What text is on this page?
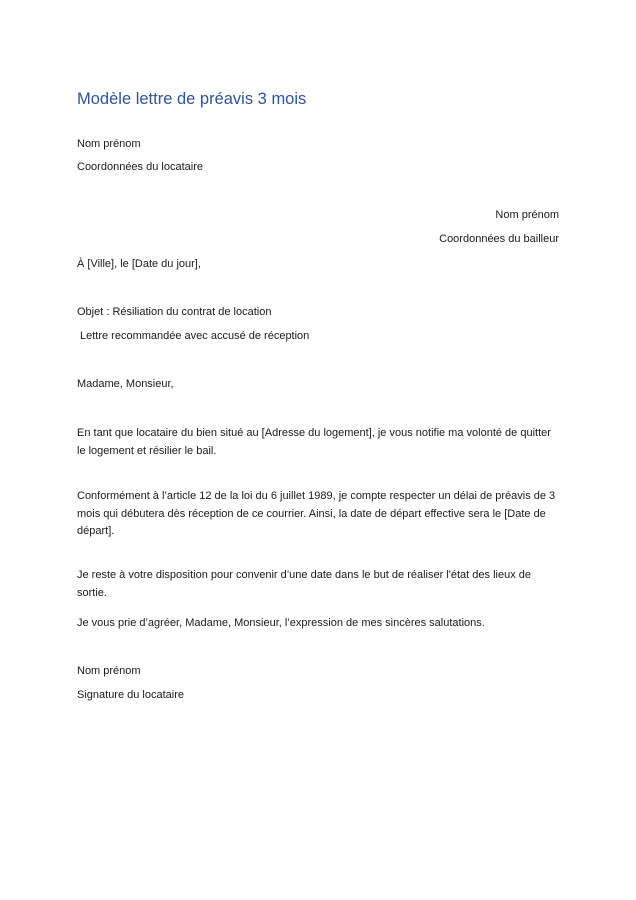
Modèle lettre de préavis 3 mois
Nom prénom
Coordonnées du locataire
Nom prénom
Coordonnées du bailleur
À [Ville], le [Date du jour],
Objet : Résiliation du contrat de location
Lettre recommandée avec accusé de réception
Madame, Monsieur,
En tant que locataire du bien situé au [Adresse du logement], je vous notifie ma volonté de quitter le logement et résilier le bail.
Conformément à l’article 12 de la loi du 6 juillet 1989, je compte respecter un délai de préavis de 3 mois qui débutera dès réception de ce courrier. Ainsi, la date de départ effective sera le [Date de départ].
Je reste à votre disposition pour convenir d’une date dans le but de réaliser l'état des lieux de sortie.
Je vous prie d’agréer, Madame, Monsieur, l’expression de mes sincères salutations.
Nom prénom
Signature du locataire
